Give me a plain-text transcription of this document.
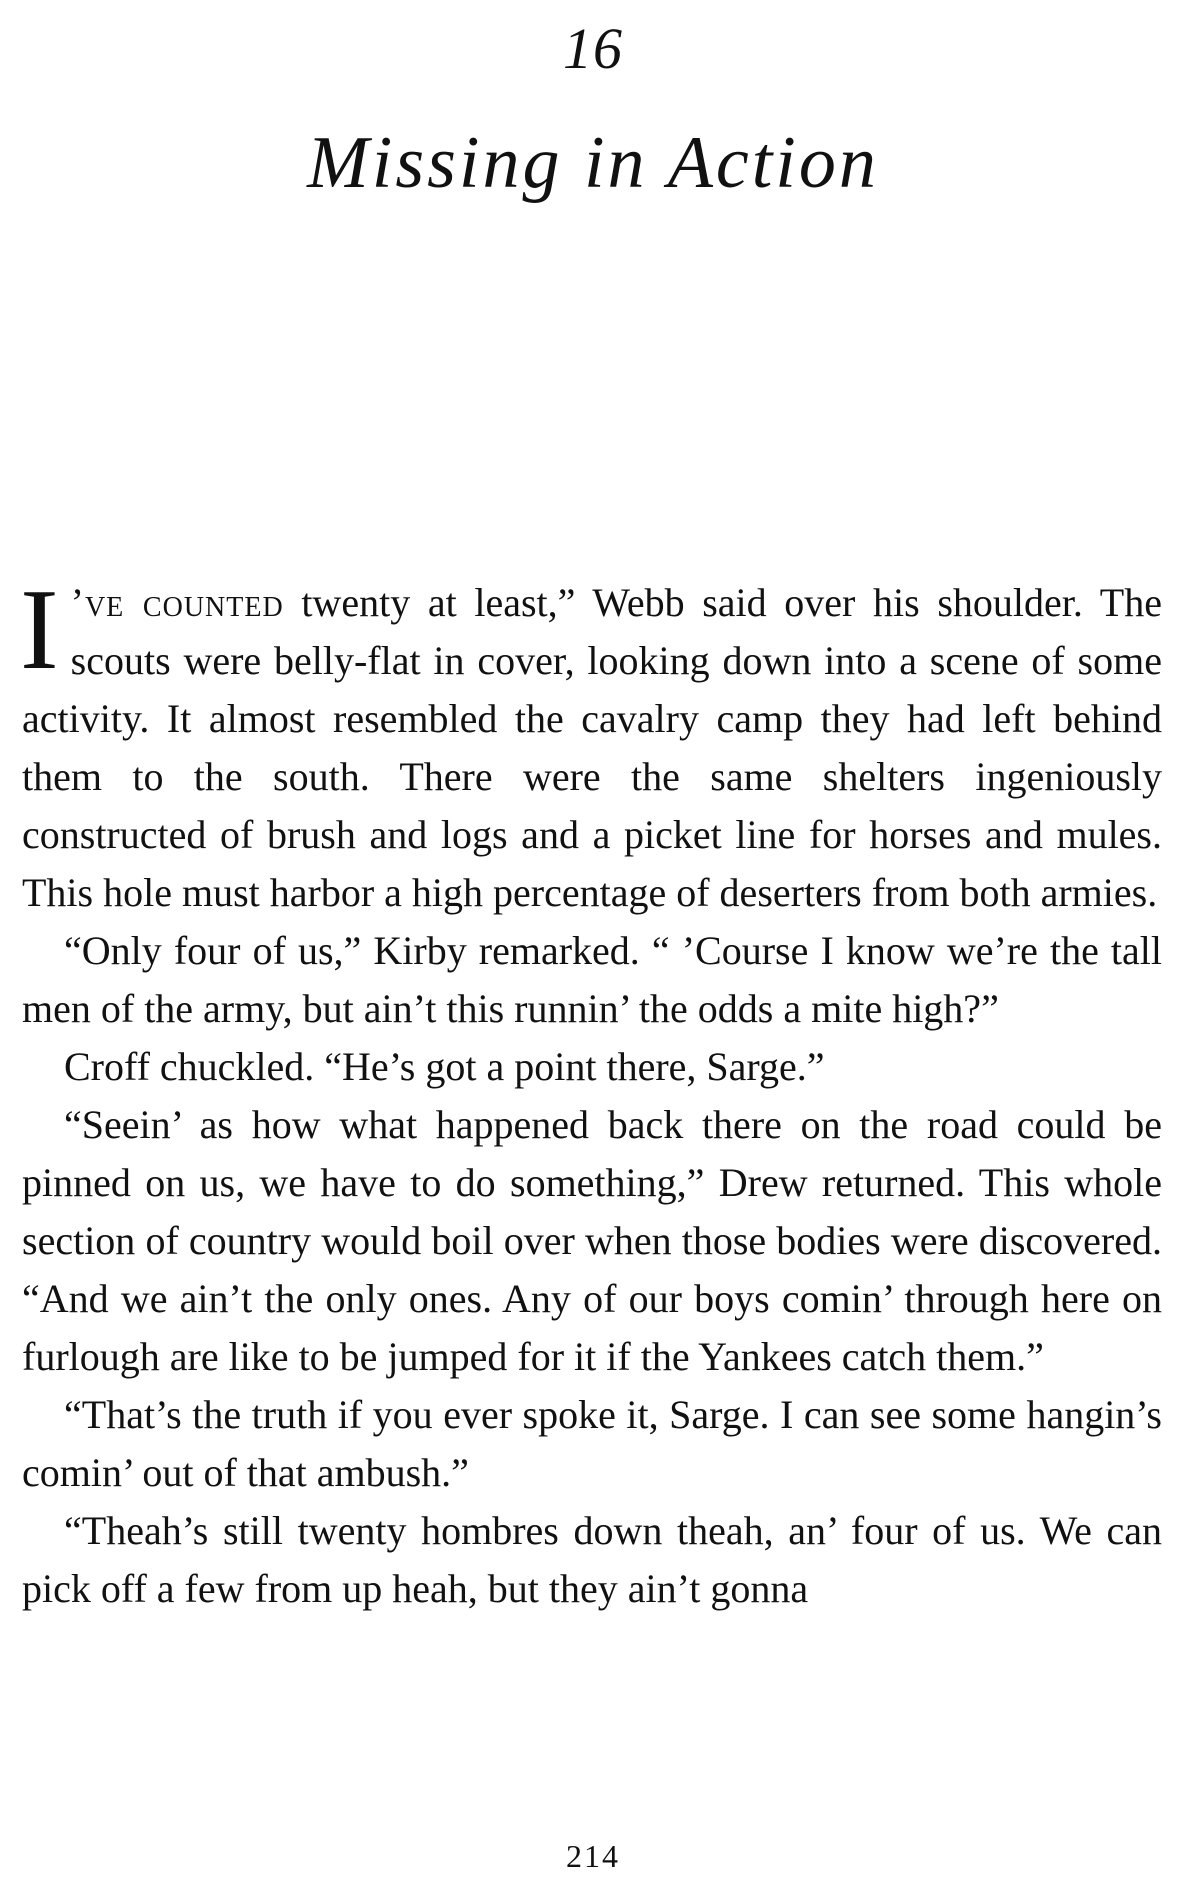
16
Missing in Action

I ’ve counted twenty at least,” Webb said over his shoulder. The scouts were belly-flat in cover, looking down into a scene of some activity. It almost resembled the cavalry camp they had left behind them to the south. There were the same shelters ingeniously constructed of brush and logs and a picket line for horses and mules. This hole must harbor a high percentage of deserters from both armies.

“Only four of us,” Kirby remarked. “ ’Course I know we’re the tall men of the army, but ain’t this runnin’ the odds a mite high?”

Croff chuckled. “He’s got a point there, Sarge.”

“Seein’ as how what happened back there on the road could be pinned on us, we have to do something,” Drew returned. This whole section of country would boil over when those bodies were discovered. “And we ain’t the only ones. Any of our boys comin’ through here on furlough are like to be jumped for it if the Yankees catch them.”

“That’s the truth if you ever spoke it, Sarge. I can see some hangin’s comin’ out of that ambush.”

“Theah’s still twenty hombres down theah, an’ four of us. We can pick off a few from up heah, but they ain’t gonna

214
